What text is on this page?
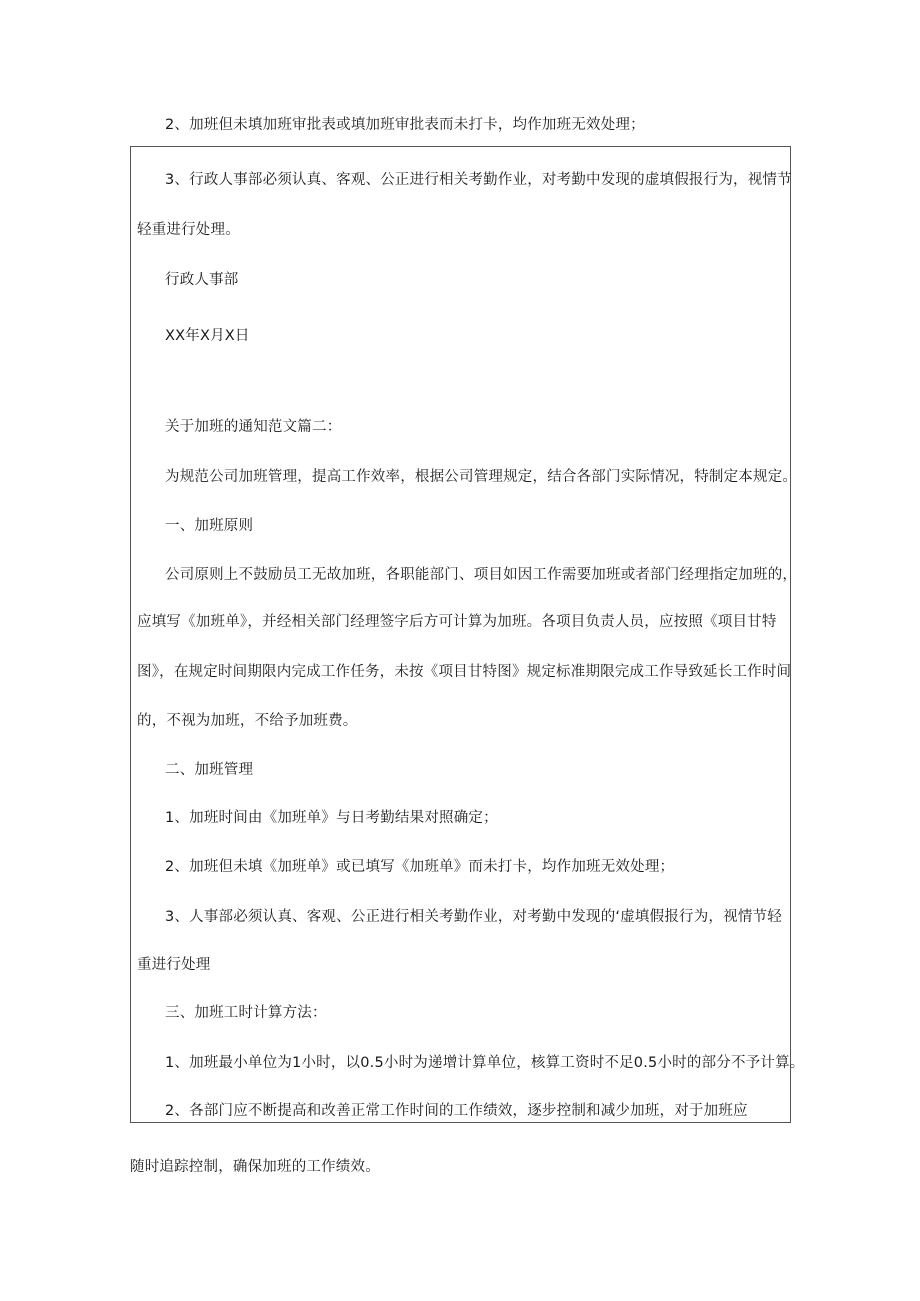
2、加班但未填加班审批表或填加班审批表而未打卡，均作加班无效处理；
3、行政人事部必须认真、客观、公正进行相关考勤作业，对考勤中发现的虚填假报行为，视情节
轻重进行处理。
行政人事部
XX年X月X日
关于加班的通知范文篇二：
为规范公司加班管理，提高工作效率，根据公司管理规定，结合各部门实际情况，特制定本规定。
一、加班原则
公司原则上不鼓励员工无故加班，各职能部门、项目如因工作需要加班或者部门经理指定加班的，
应填写《加班单》，并经相关部门经理签字后方可计算为加班。各项目负责人员，应按照《项目甘特
图》，在规定时间期限内完成工作任务，未按《项目甘特图》规定标准期限完成工作导致延长工作时间
的，不视为加班，不给予加班费。
二、加班管理
1、加班时间由《加班单》与日考勤结果对照确定；
2、加班但未填《加班单》或已填写《加班单》而未打卡，均作加班无效处理；
3、人事部必须认真、客观、公正进行相关考勤作业，对考勤中发现的‘虚填假报行为，视情节轻
重进行处理
三、加班工时计算方法：
1、加班最小单位为1小时，以0.5小时为递增计算单位，核算工资时不足0.5小时的部分不予计算。
2、各部门应不断提高和改善正常工作时间的工作绩效，逐步控制和减少加班，对于加班应
随时追踪控制，确保加班的工作绩效。
